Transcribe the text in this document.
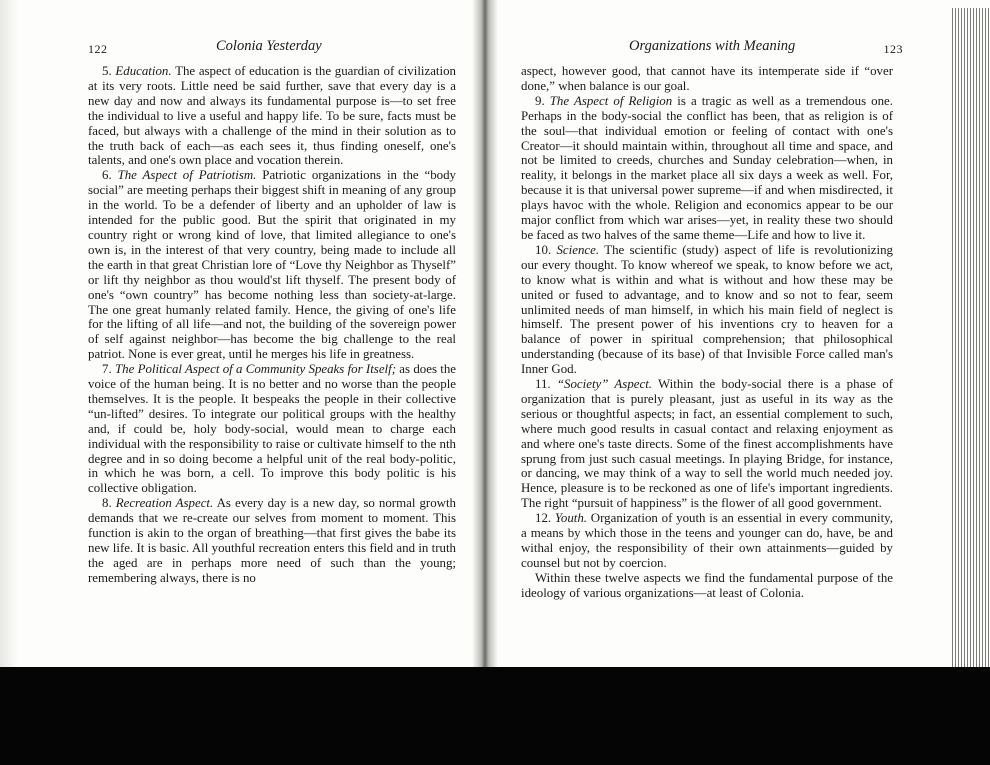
122	Colonia Yesterday

5. Education. The aspect of education is the guardian of civilization at its very roots. Little need be said further, save that every day is a new day and now and always its fundamental purpose is—to set free the individual to live a useful and happy life. To be sure, facts must be faced, but always with a challenge of the mind in their solution as to the truth back of each—as each sees it, thus finding oneself, one's talents, and one's own place and vocation therein.

6. The Aspect of Patriotism. Patriotic organizations in the “body social” are meeting perhaps their biggest shift in meaning of any group in the world. To be a defender of liberty and an upholder of law is intended for the public good. But the spirit that originated in my country right or wrong kind of love, that limited allegiance to one's own is, in the interest of that very country, being made to include all the earth in that great Christian lore of “Love thy Neighbor as Thyself” or lift thy neighbor as thou would'st lift thyself. The present body of one's “own country” has become nothing less than society-at-large. The one great humanly related family. Hence, the giving of one's life for the lifting of all life—and not, the building of the sovereign power of self against neighbor—has become the big challenge to the real patriot. None is ever great, until he merges his life in greatness.

7. The Political Aspect of a Community Speaks for Itself; as does the voice of the human being. It is no better and no worse than the people themselves. It is the people. It bespeaks the people in their collective “un-lifted” desires. To integrate our political groups with the healthy and, if could be, holy body-social, would mean to charge each individual with the responsibility to raise or cultivate himself to the nth degree and in so doing become a helpful unit of the real body-politic, in which he was born, a cell. To improve this body politic is his collective obligation.

8. Recreation Aspect. As every day is a new day, so normal growth demands that we re-create our selves from moment to moment. This function is akin to the organ of breathing—that first gives the babe its new life. It is basic. All youthful recreation enters this field and in truth the aged are in perhaps more need of such than the young; remembering always, there is no

Organizations with Meaning	123

aspect, however good, that cannot have its intemperate side if “over done,” when balance is our goal.

9. The Aspect of Religion is a tragic as well as a tremendous one. Perhaps in the body-social the conflict has been, that as religion is of the soul—that individual emotion or feeling of contact with one's Creator—it should maintain within, throughout all time and space, and not be limited to creeds, churches and Sunday celebration—when, in reality, it belongs in the market place all six days a week as well. For, because it is that universal power supreme—if and when misdirected, it plays havoc with the whole. Religion and economics appear to be our major conflict from which war arises—yet, in reality these two should be faced as two halves of the same theme—Life and how to live it.

10. Science. The scientific (study) aspect of life is revolutionizing our every thought. To know whereof we speak, to know before we act, to know what is within and what is without and how these may be united or fused to advantage, and to know and so not to fear, seem unlimited needs of man himself, in which his main field of neglect is himself. The present power of his inventions cry to heaven for a balance of power in spiritual comprehension; that philosophical understanding (because of its base) of that Invisible Force called man's Inner God.

11. “Society” Aspect. Within the body-social there is a phase of organization that is purely pleasant, just as useful in its way as the serious or thoughtful aspects; in fact, an essential complement to such, where much good results in casual contact and relaxing enjoyment as and where one's taste directs. Some of the finest accomplishments have sprung from just such casual meetings. In playing Bridge, for instance, or dancing, we may think of a way to sell the world much needed joy. Hence, pleasure is to be reckoned as one of life's important ingredients. The right “pursuit of happiness” is the flower of all good government.

12. Youth. Organization of youth is an essential in every community, a means by which those in the teens and younger can do, have, be and withal enjoy, the responsibility of their own attainments—guided by counsel but not by coercion.

Within these twelve aspects we find the fundamental purpose of the ideology of various organizations—at least of Colonia.
